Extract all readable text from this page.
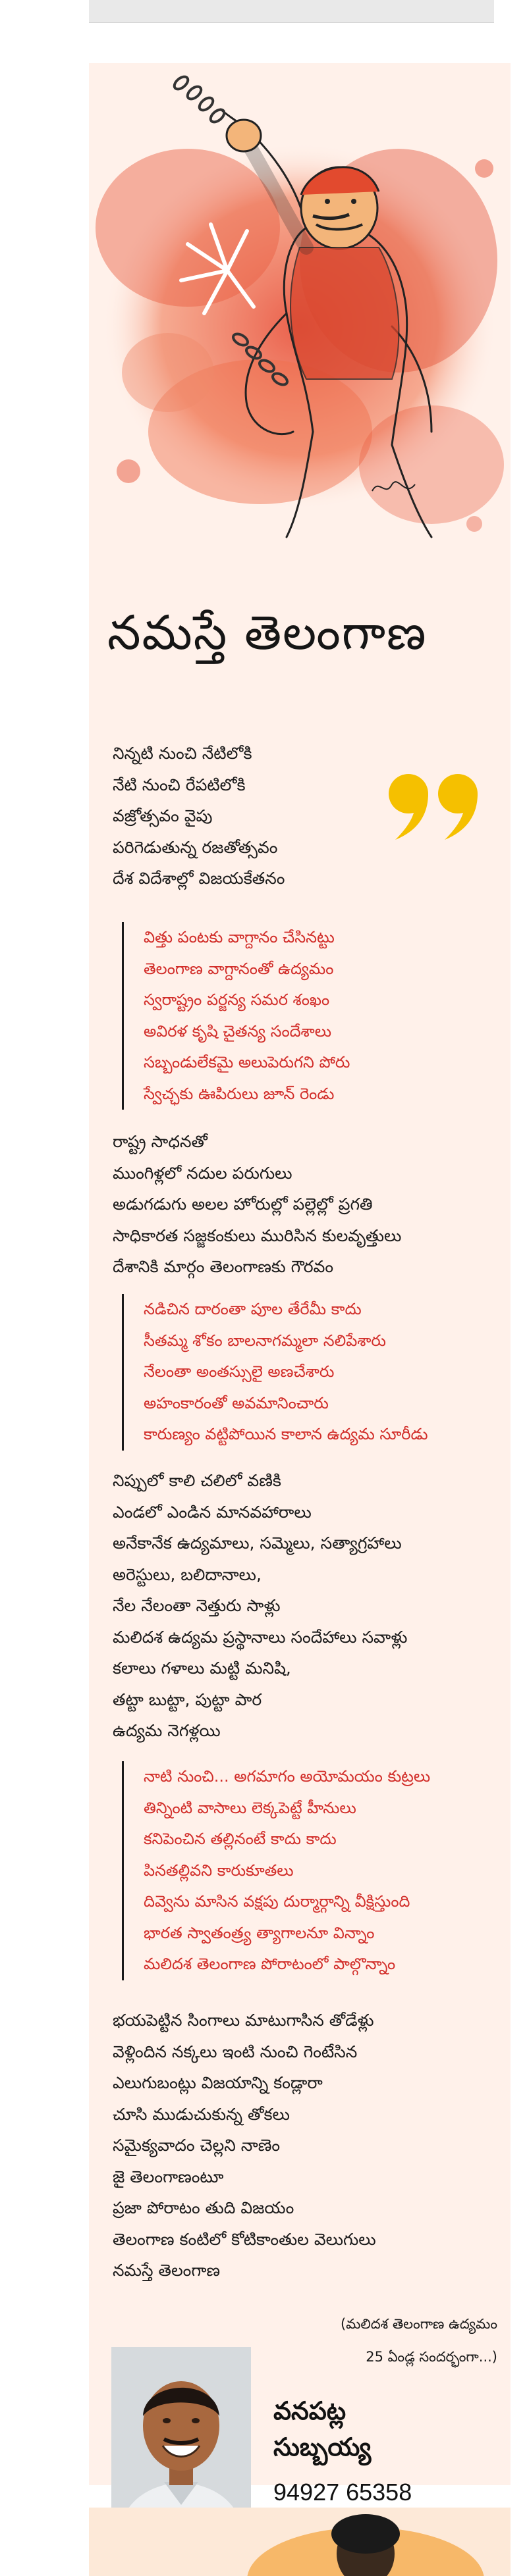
నమస్తే తెలంగాణ
నిన్నటి నుంచి నేటిలోకి
నేటి నుంచి రేపటిలోకి
వజ్రోత్సవం వైపు
పరిగెడుతున్న రజతోత్సవం
దేశ విదేశాల్లో విజయకేతనం
విత్తు పంటకు వాగ్దానం చేసినట్టు
తెలంగాణ వాగ్దానంతో ఉద్యమం
స్వరాష్ట్రం పర్జన్య సమర శంఖం
అవిరళ కృషి చైతన్య సందేశాలు
సబ్బండులేకమై అలుపెరుగని పోరు
స్వేచ్ఛకు ఊపిరులు జూన్ రెండు
రాష్ట్ర సాధనతో
ముంగిళ్లలో నదుల పరుగులు
అడుగడుగు అలల హోరుల్లో పల్లెల్లో ప్రగతి
సాధికారత సజ్జకంకులు మురిసిన కులవృత్తులు
దేశానికి మార్గం తెలంగాణకు గౌరవం
నడిచిన దారంతా పూల తేరేమీ కాదు
సీతమ్మ శోకం బాలనాగమ్మలా నలిపేశారు
నేలంతా అంతస్సులై అణచేశారు
అహంకారంతో అవమానించారు
కారుణ్యం వట్టిపోయిన కాలాన ఉద్యమ సూరీడు
నిప్పులో కాలి చలిలో వణికి
ఎండలో ఎండిన మానవహారాలు
అనేకానేక ఉద్యమాలు, సమ్మెలు, సత్యాగ్రహాలు
అరెస్టులు, బలిదానాలు,
నేల నేలంతా నెత్తురు సాళ్లు
మలిదశ ఉద్యమ ప్రస్థానాలు సందేహాలు సవాళ్లు
కలాలు గళాలు మట్టి మనిషి,
తట్టా బుట్టా, పుట్టా పార
ఉద్యమ నెగళ్లయి
నాటి నుంచి... అగమాగం అయోమయం కుట్రలు
తిన్నింటి వాసాలు లెక్కపెట్టే హీనులు
కనిపెంచిన తల్లినంటే కాదు కాదు
పినతల్లివని కారుకూతలు
దివ్వెను మాసిన వక్షపు దుర్మార్గాన్ని వీక్షిస్తుంది
భారత స్వాతంత్ర్య త్యాగాలనూ విన్నాం
మలిదశ తెలంగాణ పోరాటంలో పాల్గొన్నాం
భయపెట్టిన సింగాలు మాటుగాసిన తోడేళ్లు
వెళ్లిందిన నక్కలు ఇంటి నుంచి గెంటేసిన
ఎలుగుబంట్లు విజయాన్ని కండ్లారా
చూసి ముడుచుకున్న తోకలు
సమైక్యవాదం చెల్లని నాణెం
జై తెలంగాణంటూ
ప్రజా పోరాటం తుది విజయం
తెలంగాణ కంటిలో కోటికాంతుల వెలుగులు
నమస్తే తెలంగాణ
(మలిదశ తెలంగాణ ఉద్యమం
25 ఏండ్ల సందర్భంగా...)
వనపట్ల
సుబ్బయ్య
94927 65358
